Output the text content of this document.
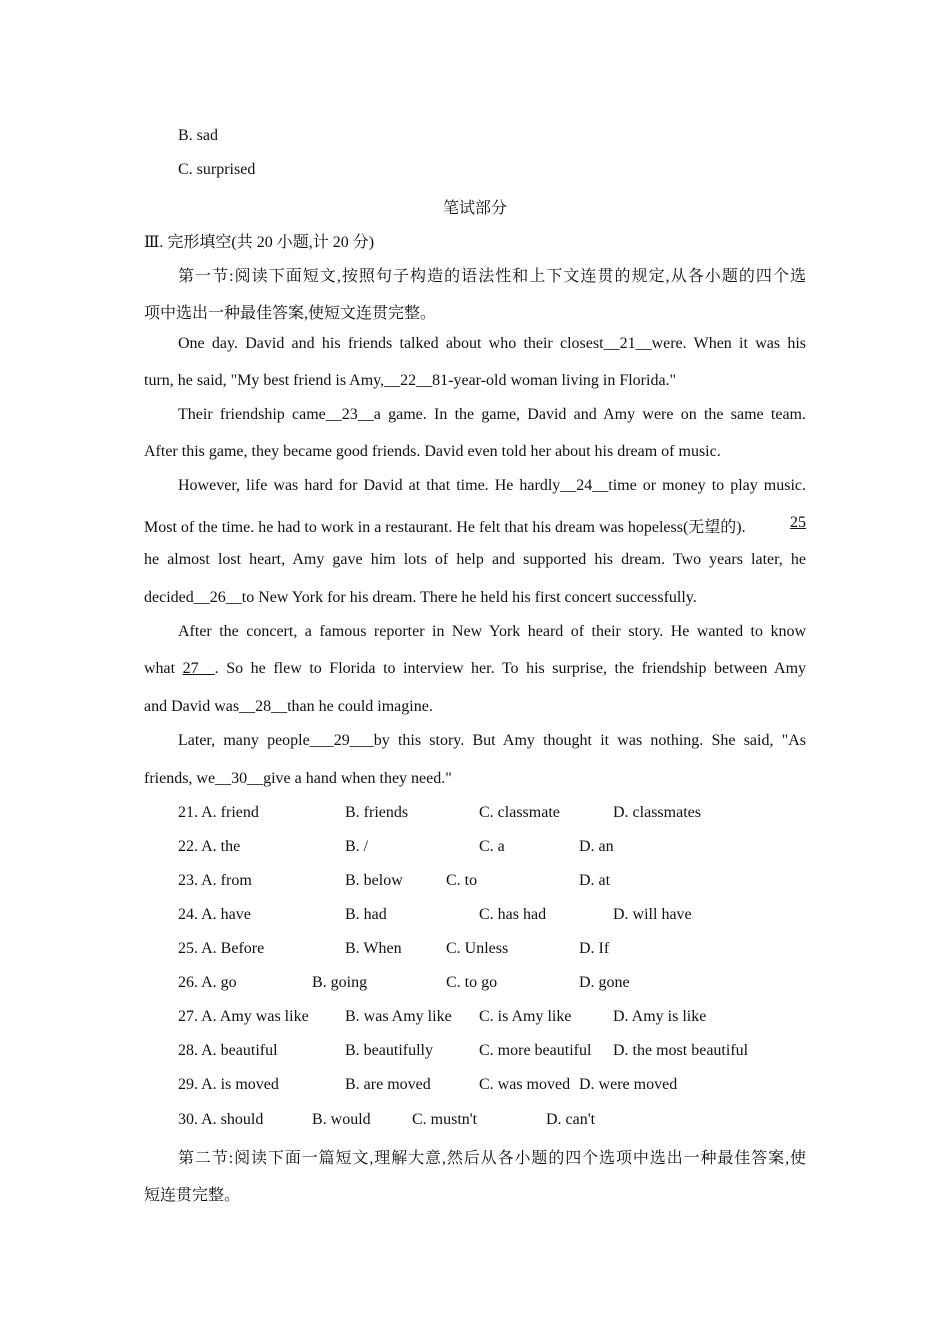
B. sad
C. surprised
笔试部分
Ⅲ. 完形填空(共 20 小题,计 20 分)
第一节:阅读下面短文,按照句子构造的语法性和上下文连贯的规定,从各小题的四个选
项中选出一种最佳答案,使短文连贯完整。
One day. David and his friends talked about who their closest__21__were. When it was his
turn, he said, "My best friend is Amy,__22__81-year-old woman living in Florida."
Their friendship came__23__a game. In the game, David and Amy were on the same team.
After this game, they became good friends. David even told her about his dream of music.
However, life was hard for David at that time. He hardly__24__time or money to play music.
Most of the time. he had to work in a restaurant. He felt that his dream was hopeless(无望的).	25
he almost lost heart, Amy gave him lots of help and supported his dream. Two years later, he
decided__26__to New York for his dream. There he held his first concert successfully.
After the concert, a famous reporter in New York heard of their story. He wanted to know
what 27__. So he flew to Florida to interview her. To his surprise, the friendship between Amy
and David was__28__than he could imagine.
Later, many people___29___by this story. But Amy thought it was nothing. She said, "As
friends, we__30__give a hand when they need."
21. A. friend	B. friends	C. classmate	D. classmates
22. A. the	B. /	C. a	D. an
23. A. from	B. below	C. to	D. at
24. A. have	B. had	C. has had	D. will have
25. A. Before	B. When	C. Unless	D. If
26. A. go	B. going	C. to go	D. gone
27. A. Amy was like B. was Amy like C. is Amy like	D. Amy is like
28. A. beautiful	B. beautifully	C. more beautiful D. the most beautiful
29. A. is moved	B. are moved	C. was moved D. were moved
30. A. should	B. would	C. mustn't	D. can't
第二节:阅读下面一篇短文,理解大意,然后从各小题的四个选项中选出一种最佳答案,使
短连贯完整。
